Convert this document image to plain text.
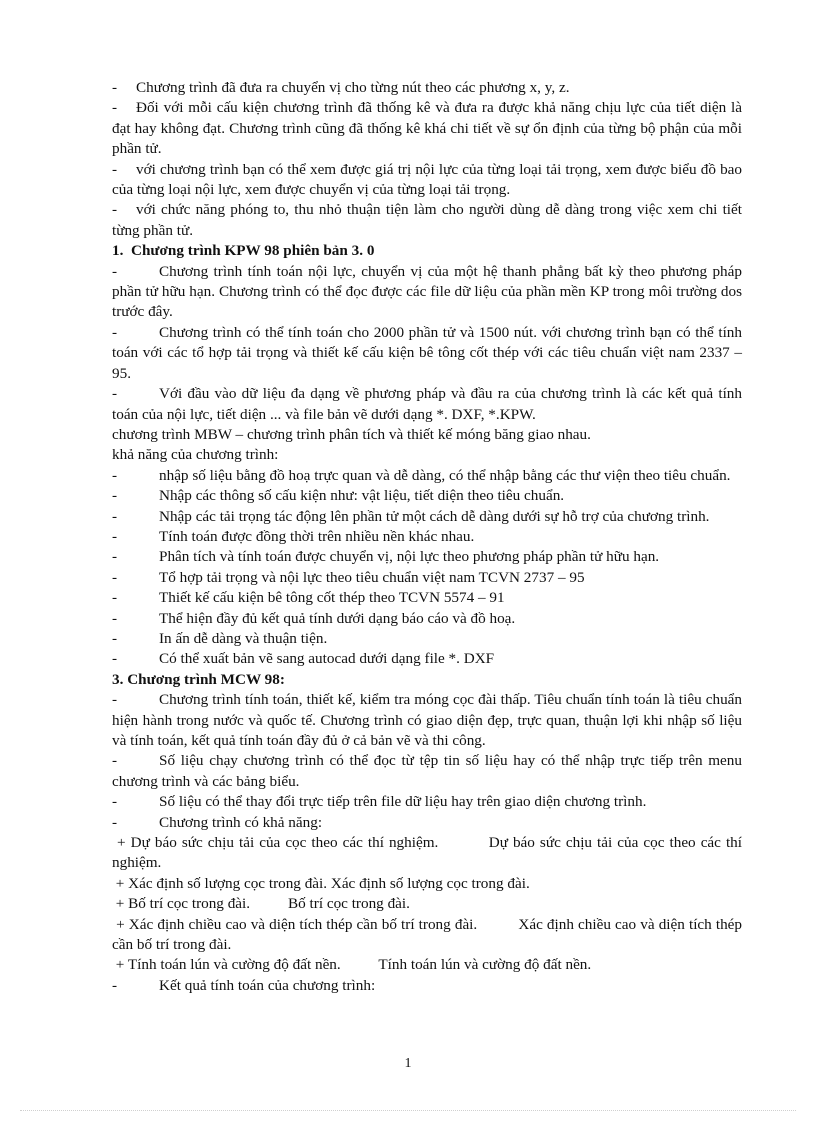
- Chương trình đã đưa ra chuyển vị cho từng nút theo các phương x, y, z.

- Đối với mỗi cấu kiện chương trình đã thống kê và đưa ra được khả năng chịu lực của tiết diện là đạt hay không đạt. Chương trình cũng đã thống kê khá chi tiết về sự ổn định của từng bộ phận của mỗi phần tử.

- với chương trình bạn có thể xem được giá trị nội lực của từng loại tải trọng, xem được biểu đồ bao của từng loại nội lực, xem được chuyển vị của từng loại tải trọng.

- với chức năng phóng to, thu nhỏ thuận tiện làm cho người dùng dễ dàng trong việc xem chi tiết từng phần tử.

1.  Chương trình KPW 98 phiên bản 3. 0

-	Chương trình tính toán nội lực, chuyển vị của một hệ thanh phẳng bất kỳ theo phương pháp phần tử hữu hạn. Chương trình có thể đọc được các file dữ liệu của phần mền KP trong môi trường dos trước đây.

-	Chương trình có thể tính toán cho 2000 phần tử và 1500 nút. với chương trình bạn có thể tính toán với các tổ hợp tải trọng và thiết kế cấu kiện bê tông cốt thép với các tiêu chuẩn việt nam 2337 – 95.

-	Với đầu vào dữ liệu đa dạng về phương pháp và đầu ra của chương trình là các kết quả tính toán của nội lực, tiết diện ... và file bản vẽ dưới dạng *. DXF, *.KPW.

chương trình MBW – chương trình phân tích và thiết kế móng băng giao nhau.

khả năng của chương trình:

-	nhập số liệu bằng đồ hoạ trực quan và dễ dàng, có thể nhập bằng các thư viện theo tiêu chuẩn.

-	Nhập các thông số cấu kiện như: vật liệu, tiết diện theo tiêu chuẩn.

-	Nhập các tải trọng tác động lên phần tử một cách dễ dàng dưới sự hỗ trợ của chương trình.

-	Tính toán được đồng thời trên nhiều nền khác nhau.

-	Phân tích và tính toán được chuyển vị, nội lực theo phương pháp phần tử hữu hạn.

-	Tổ hợp tải trọng và nội lực theo tiêu chuẩn việt nam TCVN 2737 – 95

-	Thiết kế cấu kiện bê tông cốt thép theo TCVN 5574 – 91

-	Thể hiện đầy đủ kết quả tính dưới dạng báo cáo và đồ hoạ.

-	In ấn dễ dàng và thuận tiện.

-	Có thể xuất bản vẽ sang autocad dưới dạng file *. DXF

3. Chương trình MCW 98:

-	Chương trình tính toán, thiết kế, kiểm tra móng cọc đài thấp. Tiêu chuẩn tính toán là tiêu chuẩn hiện hành trong nước và quốc tế. Chương trình có giao diện đẹp, trực quan, thuận lợi khi nhập số liệu và tính toán, kết quả tính toán đầy đủ ở cả bản vẽ và thi công.

-	Số liệu chạy chương trình có thể đọc từ tệp tin số liệu hay có thể nhập trực tiếp trên menu chương trình và các bảng biểu.

-	Số liệu có thể thay đổi trực tiếp trên file dữ liệu hay trên giao diện chương trình.

-	Chương trình có khả năng:

+ Dự báo sức chịu tải của cọc theo các thí nghiệm.          Dự báo sức chịu tải của cọc theo các thí nghiệm.

+ Xác định số lượng cọc trong đài. Xác định số lượng cọc trong đài.

+ Bố trí cọc trong đài.          Bố trí cọc trong đài.

+ Xác định chiều cao và diện tích thép cần bố trí trong đài.          Xác định chiều cao và diện tích thép cần bố trí trong đài.

+ Tính toán lún và cường độ đất nền.          Tính toán lún và cường độ đất nền.

-	Kết quả tính toán của chương trình:

1
